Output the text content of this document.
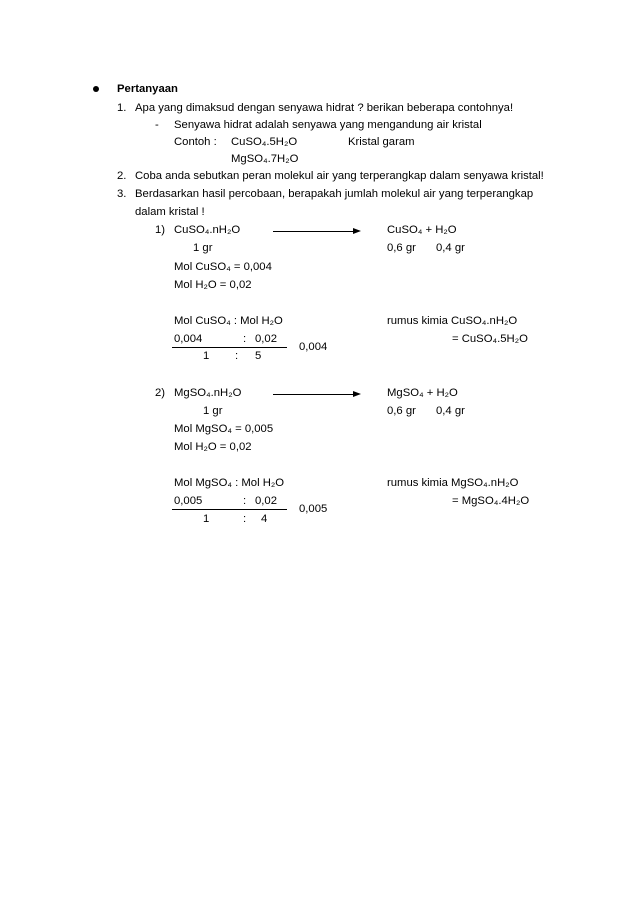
Pertanyaan
1. Apa yang dimaksud dengan senyawa hidrat ? berikan beberapa contohnya!
- Senyawa hidrat adalah senyawa yang mengandung air kristal
Contoh : CuSO₄.5H₂O	Kristal garam
MgSO₄.7H₂O
2. Coba anda sebutkan peran molekul air yang terperangkap dalam senyawa kristal!
3. Berdasarkan hasil percobaan, berapakah jumlah molekul air yang terperangkap
dalam kristal !
1) CuSO₄.nH₂O	CuSO₄ + H₂O
1 gr	0,6 gr 0,4 gr
Mol CuSO₄ = 0,004
Mol H₂O = 0,02
Mol CuSO₄ : Mol H₂O	rumus kimia CuSO₄.nH₂O
0,004	: 0,02	= CuSO₄.5H₂O
0,004
1 : 5
2) MgSO₄.nH₂O	MgSO₄ + H₂O
1 gr	0,6 gr 0,4 gr
Mol MgSO₄ = 0,005
Mol H₂O = 0,02
Mol MgSO₄ : Mol H₂O	rumus kimia MgSO₄.nH₂O
0,005	: 0,02	= MgSO₄.4H₂O
0,005
1	: 4
